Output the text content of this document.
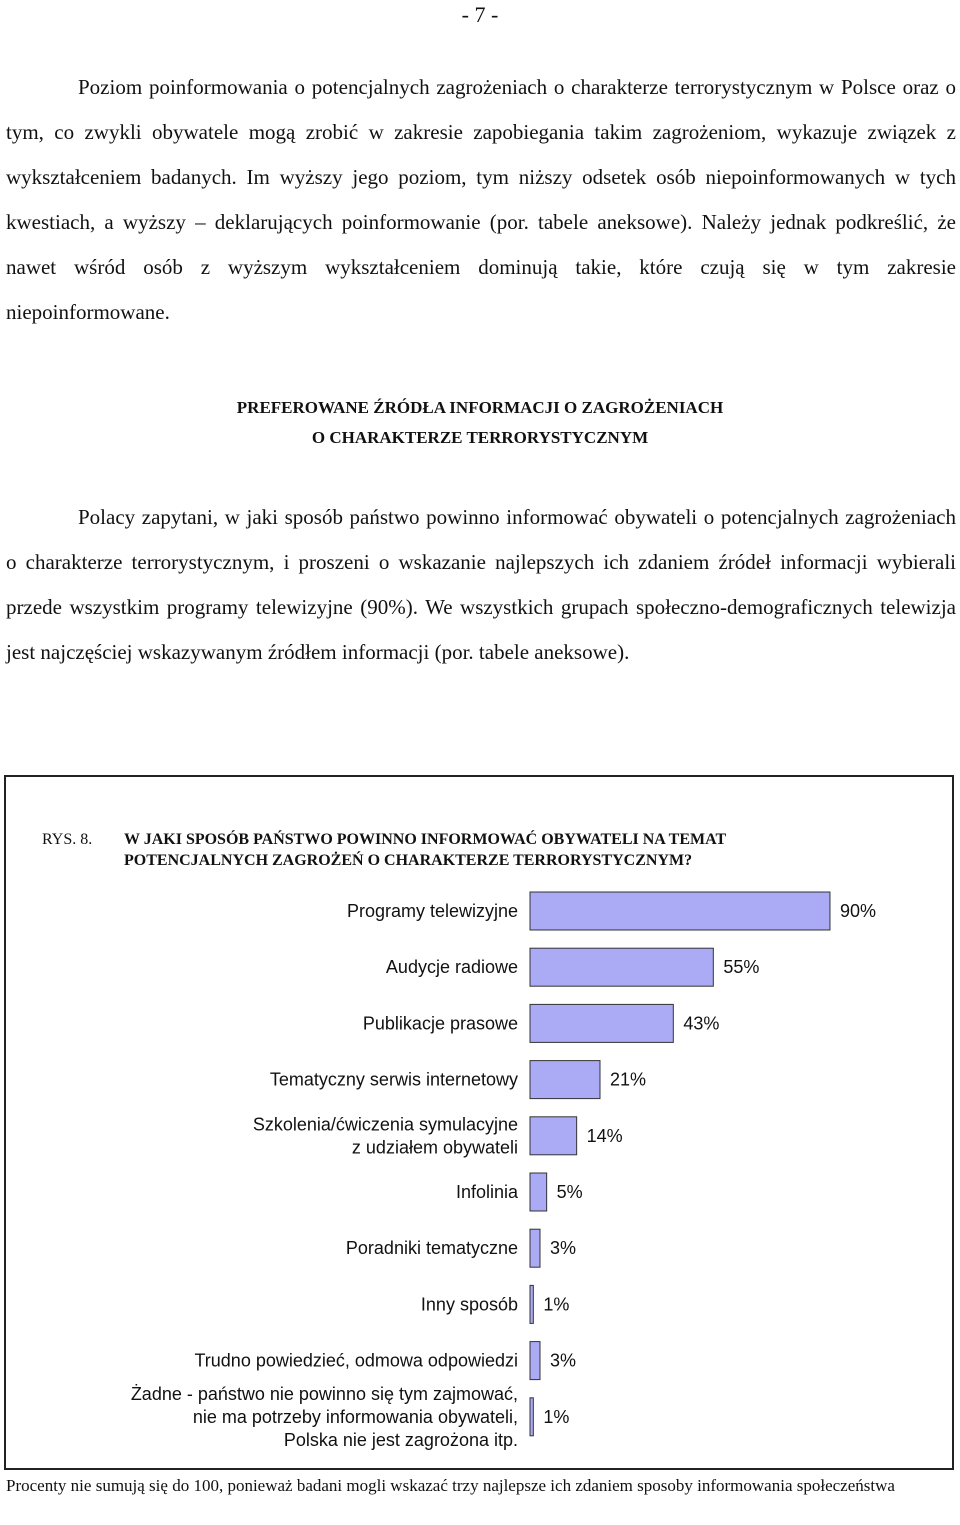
- 7 -

Poziom poinformowania o potencjalnych zagrożeniach o charakterze terrorystycznym w Polsce oraz o tym, co zwykli obywatele mogą zrobić w zakresie zapobiegania takim zagrożeniom, wykazuje związek z wykształceniem badanych. Im wyższy jego poziom, tym niższy odsetek osób niepoinformowanych w tych kwestiach, a wyższy – deklarujących poinformowanie (por. tabele aneksowe). Należy jednak podkreślić, że nawet wśród osób z wyższym wykształceniem dominują takie, które czują się w tym zakresie niepoinformowane.

PREFEROWANE ŹRÓDŁA INFORMACJI O ZAGROŻENIACH
O CHARAKTERZE TERRORYSTYCZNYM

Polacy zapytani, w jaki sposób państwo powinno informować obywateli o potencjalnych zagrożeniach o charakterze terrorystycznym, i proszeni o wskazanie najlepszych ich zdaniem źródeł informacji wybierali przede wszystkim programy telewizyjne (90%). We wszystkich grupach społeczno-demograficznych telewizja jest najczęściej wskazywanym źródłem informacji (por. tabele aneksowe).

90%
Programy telewizyjne
55%
Audycje radiowe
43%
Publikacje prasowe
21%
Tematyczny serwis internetowy
14%
Szkolenia/ćwiczenia symulacyjne z udziałem obywateli
5%
Infolinia
3%
Poradniki tematyczne
1%
Inny sposób
3%
Trudno powiedzieć, odmowa odpowiedzi
1%
Żadne - państwo nie powinno się tym zajmować, nie ma potrzeby informowania obywateli, Polska nie jest zagrożona itp.
RYS. 8. W JAKI SPOSÓB PAŃSTWO POWINNO INFORMOWAĆ OBYWATELI NA TEMAT
POTENCJALNYCH ZAGROŻEŃ O CHARAKTERZE TERRORYSTYCZNYM?

Procenty nie sumują się do 100, ponieważ badani mogli wskazać trzy najlepsze ich zdaniem sposoby informowania społeczeństwa
